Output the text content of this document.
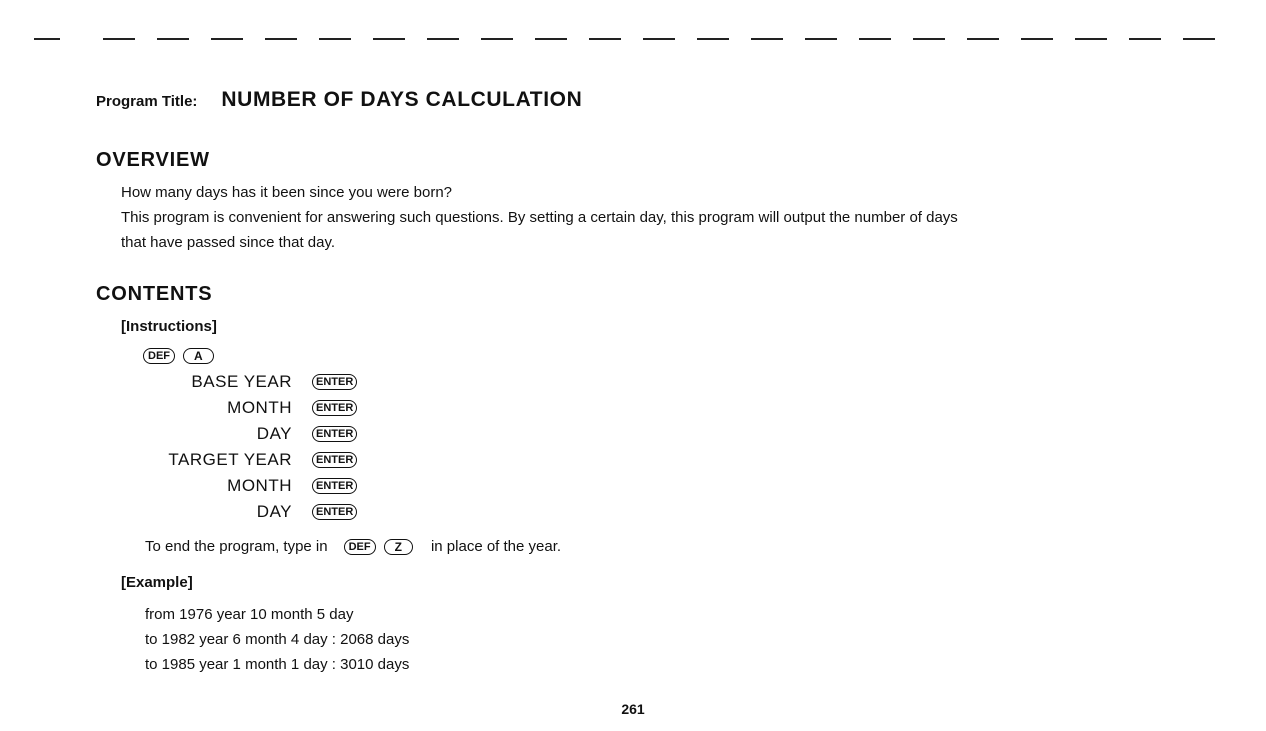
Program Title: NUMBER OF DAYS CALCULATION
OVERVIEW
How many days has it been since you were born?
This program is convenient for answering such questions. By setting a certain day, this program will output the number of days
that have passed since that day.
CONTENTS
[Instructions]
DEF	A
BASE YEAR	ENTER
MONTH	ENTER
DAY	ENTER
TARGET YEAR	ENTER
MONTH	ENTER
DAY	ENTER
To end the program, type in	DEF	Z	in place of the year.
[Example]
from 1976 year 10 month 5 day
to 1982 year 6 month 4 day : 2068 days
to 1985 year 1 month 1 day : 3010 days
261
